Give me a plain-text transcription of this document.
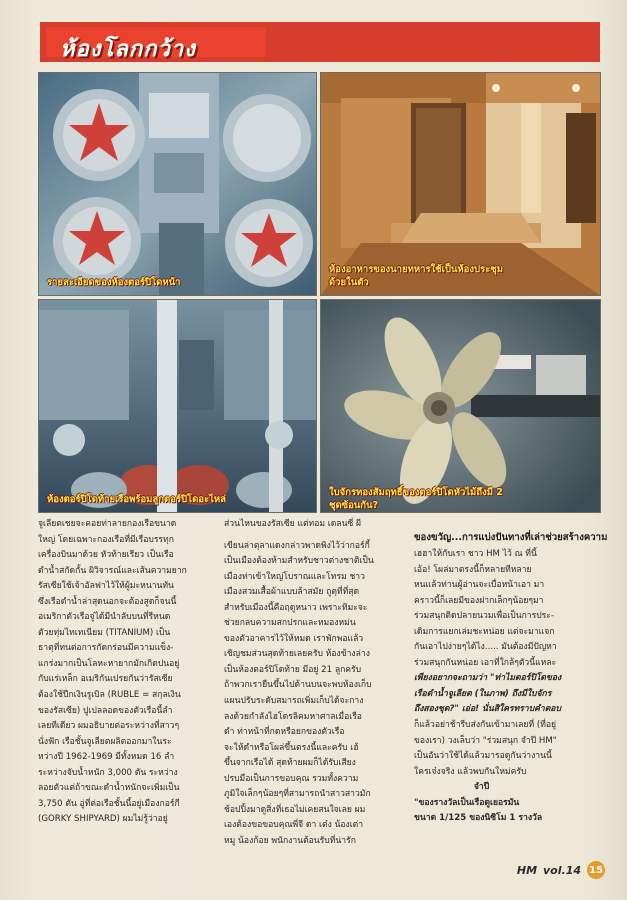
ห้องโลกกว้าง
รายละเอียดของห้องตอร์ปิโดหน้า
ห้องอาหารของนายทหารใช้เป็นห้องประชุม
ด้วยในตัว
ห้องตอร์ปิโดท้ายเรือพร้อมลูกตอร์ปิโดอะไหล่
ใบจักรทองสัมฤทธิ์ของตอร์ปิโดหัวไม้ถึงมี 2
ชุดซ้อนกัน?

จูเลียตเชยจะคอยท่าลายกองเรือขนาด

ใหญ่ โดยเฉพาะกองเรือที่มีเรือบรรทุก

เครื่องบินมาด้วย หัวท้ายเรียว เป็นเรือ

ดำน้ำสกัดกั้น ผิวิจารณ์และเส้นความยาก

รัสเซียใช้เจ้าอัลฟาไว้ให้ผู้มะหนานทัน

ซึ่งเรือดำน้ำล่าสุดนอกจะต้องสูดก็จนนี้

อเมริกาตัวเรือจู่ได้มีนำลับบนที่รีหนด

ตัวยทุ่มไทเทเนียม (TITANIUM) เป็น

ธาตุที่ทนต่อการกัดกร่อนมีความแข็ง-

แกร่งมากเป็นโลหะหายากมักเกิดปนอยู่

กับแร่เหล็ก อเมริกันเปรยกันว่ารัสเซีย

ต้องใช้ปีกเงินรูเบิล (RUBLE = สกุลเงิน

ของรัสเซีย) ปูเปลลอดของตัวเรือนี้ลำ

เลยทีเดียว ผมอธิบายต่อระหว่างที่สาวๆ

นั่งฟัก เรือชั้นจูเลียตผลิตออกมาในระ

หว่างปี 1962-1969 มีทั้งหมด 16 ลำ

ระหว่างจับน้ำหนัก 3,000 ตัน ระหว่าง

ลอยตัวแต่ถ้าขณะดำน้ำหนักจะเพิ่มเป็น

3,750 ตัน อู่ที่ต่อเรือชั้นนี้อยู่เมืองกอร์กี

(GORKY SHIPYARD) ผมไม่รู้ว่าอยู่

ส่วนไหนของรัสเซีย แต่ทอม เดลนซี่ ผี

เขียนล่าตุลาแดงกล่าวพาดพิงไว้ว่ากอร์กี้

เป็นเมืองต้องห้ามสำหรับชาวต่างชาติเป็น

เมืองท่าเข้าใหญ่โบราณและโทรม ชาว

เมืองสวมเสื้อผ้าแบบล้าสมัย ถูตุที่ที่สุด

สำหรับเมืองนี้คือฤดูหนาว เพราะทิมะจะ

ช่วยกลบความสกปรกและหมองหม่น

ของตัวอาคารไว้ให้หมด เราพักพอแล้ว

เชิญชมส่วนสุดท้ายเลยครับ ห้องข้างล่าง

เป็นห้องตอร์ปิโดท้าย มีอยู่ 21 ลูกครับ

ถ้าพวกเรายืนขึ้นไปด้านบนจะพบห้องเก็บ

แผนปรับระดับสมารถเพิ่มเก็บได้จะกาง

ลงด้วยกำลังไฮโดรลิคมหาศาลเมื่อเรือ

ดำ ท่าหน้าที่กดหรือยกของตัวเรือ

จะให้ดำหรือโผล่ขึ้นตรงนี้และครับ เฮ้

ขึ้นจากเรือได้ สุดท้ายผมก็ได้รับเสียง

ปรบมือเป็นการขอบคุณ รวมทั้งความ

ภูมิใจเล็กๆน้อยๆที่สามารถนำสาวสาวมัก

ช้อปปิ้งมาดูสิ่งที่เธอไม่เคยสนใจเลย ผม

เองต้องขอขอบคุณพี่จี ดา เต๋ง น้องเต่า

หมู น้องก้อย พนักงานต้อนรับที่น่ารัก

ของขวัญ...การแบ่งปันทางที่เล่าช่วยสร้างความ

เฮฮาให้กับเรา ชาว HM ไว้ ณ ที่นี้

เอ้อ! โผล่มาตรงนี้ก็หลายทีหลาย

หนแล้วท่านผู้อ่านจะเบื่อหน้าเอา มา

คราวนี้ก็เลยมีของฝากเล็กๆน้อยๆมา

ร่วมสนุกติดปลายนวมเพื่อเป็นการประ-

เดิมการแยกเล่มชะหน่อย แต่จะมาแจก

กันเอาไปง่ายๆได้ไง..... มันต้องมีปัญหา

ร่วมสนุกกันหน่อย เอาที่ใกล้ๆตัวนี้แหละ

เพียงอยากจะถามว่า "ท่าไมตอร์ปิโดของ

เรือดำน้ำจูเลียต (ในภาพ) ถึงมีใบจักร

ถึงสองชุด?" เอ่อ! นั่นสิใครทราบคำตอบ

ก็แล้วอย่าช้ารีบส่งกันเข้ามาเลยที่ (ที่อยู่

ของเรา) วงเล็บว่า "ร่วมสนุก จำปี HM"

เป็นอันว่าใช้ได้แล้วมารอดูกันว่างานนี้

ใครเจ๋งจริง แล้วพบกันใหม่ครับ

จำปี

"ของรางวัลเป็นเรือดูเยอรมัน

ขนาด 1/125 ของนิซิโม 1 รางวัล

HM vol.14 15
